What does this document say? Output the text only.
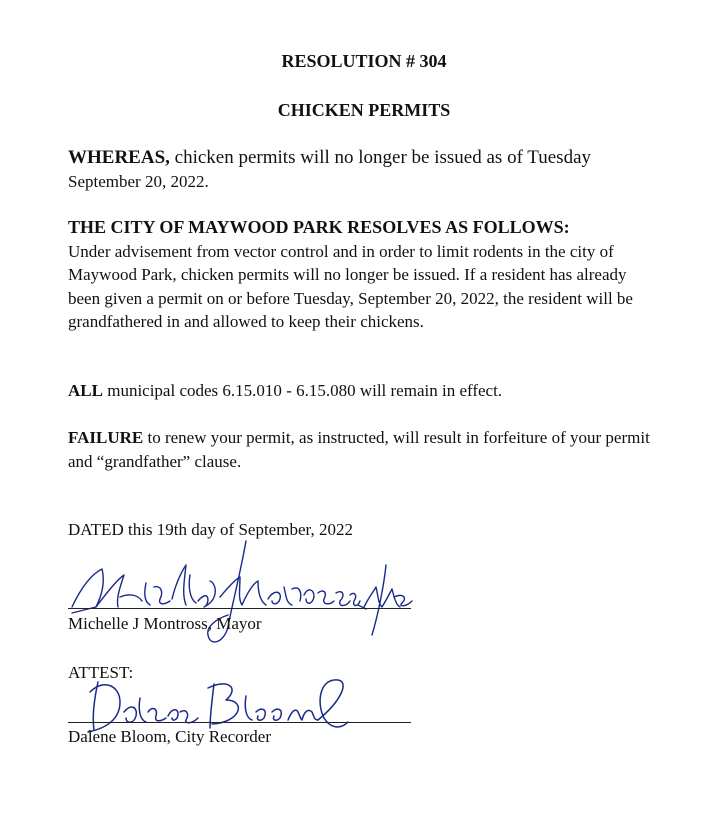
RESOLUTION # 304
CHICKEN PERMITS
WHEREAS, chicken permits will no longer be issued as of Tuesday
September 20, 2022.
THE CITY OF MAYWOOD PARK RESOLVES AS FOLLOWS:
Under advisement from vector control and in order to limit rodents in the city of Maywood Park, chicken permits will no longer be issued. If a resident has already been given a permit on or before Tuesday, September 20, 2022, the resident will be grandfathered in and allowed to keep their chickens.
ALL municipal codes 6.15.010 - 6.15.080 will remain in effect.
FAILURE to renew your permit, as instructed, will result in forfeiture of your permit and “grandfather” clause.
DATED this 19th day of September, 2022
Michelle J Montross, Mayor
ATTEST:
Dalene Bloom, City Recorder
